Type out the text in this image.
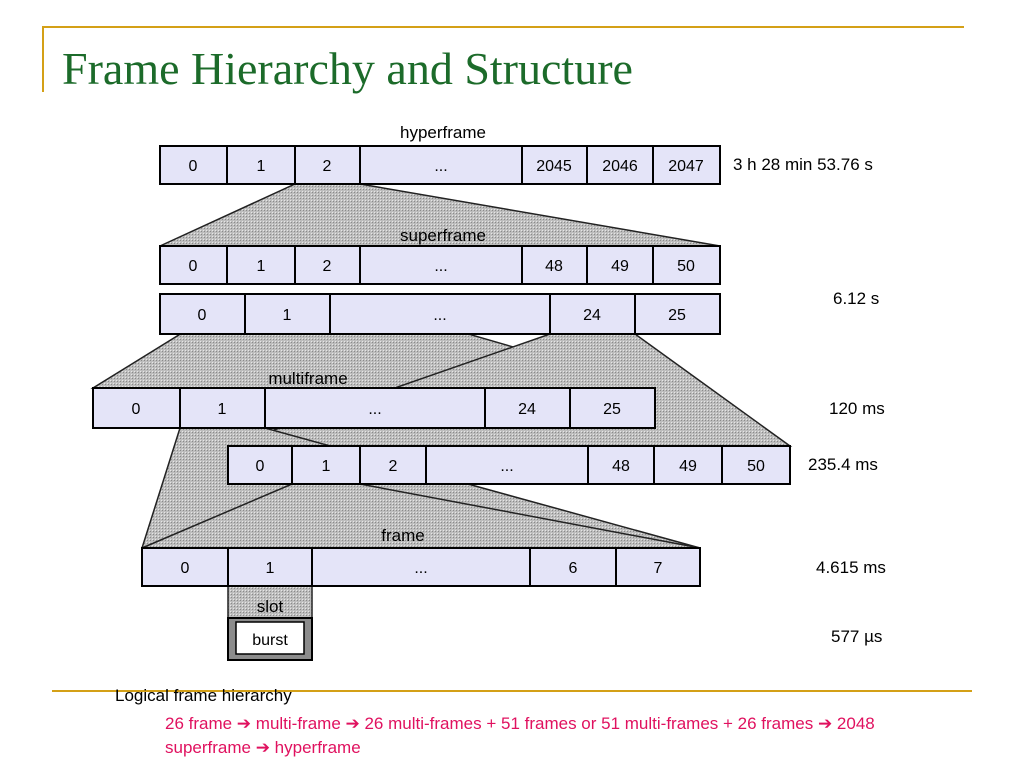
Frame Hierarchy and Structure
hyperframe
0	1	2	...	2045 2046 2047 3 h 28 min 53.76 s
superframe
0	1	2	...	48	49	50
0	1	...	24	25
6.12 s
multiframe
0	1	...	24	25	120 ms
0	1	2	...	48	49	50	235.4 ms
frame
0	1	...	6	7	4.615 ms
slot
burst	577 µs
Logical frame hierarchy
26 frame ➔ multi-frame ➔ 26 multi-frames + 51 frames or 51 multi-frames + 26 frames ➔ 2048 superframe ➔ hyperframe
